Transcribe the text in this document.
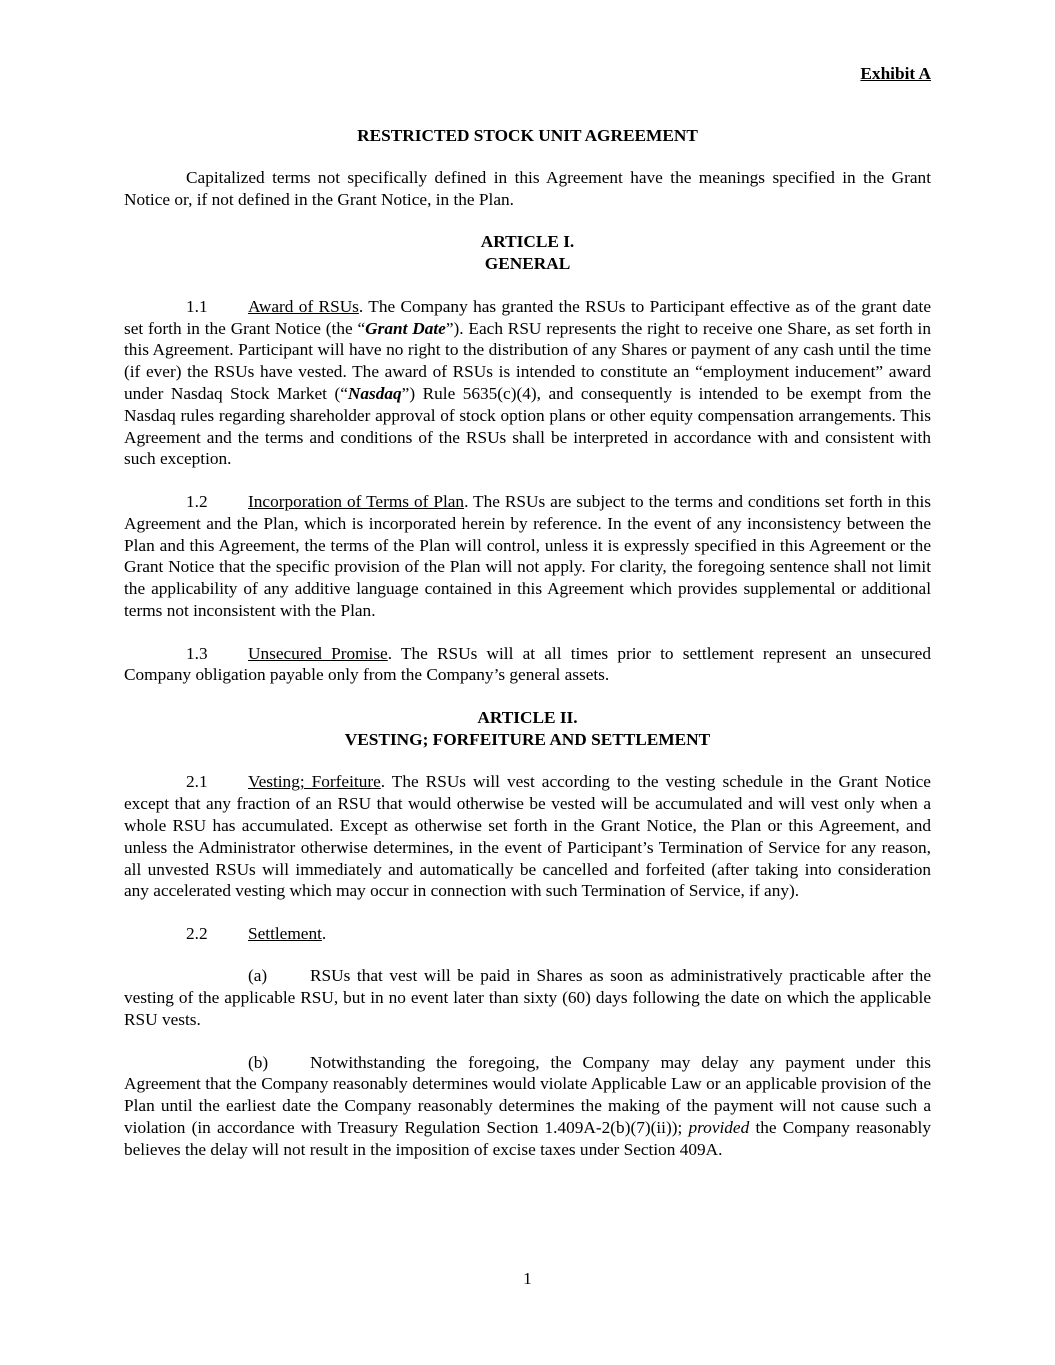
Exhibit A
RESTRICTED STOCK UNIT AGREEMENT

Capitalized terms not specifically defined in this Agreement have the meanings specified in the Grant Notice or, if not defined in the Grant Notice, in the Plan.

ARTICLE I.
GENERAL

1.1 Award of RSUs. The Company has granted the RSUs to Participant effective as of the grant date set forth in the Grant Notice (the “Grant Date”). Each RSU represents the right to receive one Share, as set forth in this Agreement. Participant will have no right to the distribution of any Shares or payment of any cash until the time (if ever) the RSUs have vested. The award of RSUs is intended to constitute an “employment inducement” award under Nasdaq Stock Market (“Nasdaq”) Rule 5635(c)(4), and consequently is intended to be exempt from the Nasdaq rules regarding shareholder approval of stock option plans or other equity compensation arrangements. This Agreement and the terms and conditions of the RSUs shall be interpreted in accordance with and consistent with such exception.

1.2 Incorporation of Terms of Plan. The RSUs are subject to the terms and conditions set forth in this Agreement and the Plan, which is incorporated herein by reference. In the event of any inconsistency between the Plan and this Agreement, the terms of the Plan will control, unless it is expressly specified in this Agreement or the Grant Notice that the specific provision of the Plan will not apply. For clarity, the foregoing sentence shall not limit the applicability of any additive language contained in this Agreement which provides supplemental or additional terms not inconsistent with the Plan.

1.3 Unsecured Promise. The RSUs will at all times prior to settlement represent an unsecured Company obligation payable only from the Company’s general assets.

ARTICLE II.
VESTING; FORFEITURE AND SETTLEMENT

2.1 Vesting; Forfeiture. The RSUs will vest according to the vesting schedule in the Grant Notice except that any fraction of an RSU that would otherwise be vested will be accumulated and will vest only when a whole RSU has accumulated. Except as otherwise set forth in the Grant Notice, the Plan or this Agreement, and unless the Administrator otherwise determines, in the event of Participant’s Termination of Service for any reason, all unvested RSUs will immediately and automatically be cancelled and forfeited (after taking into consideration any accelerated vesting which may occur in connection with such Termination of Service, if any).

2.2 Settlement.

(a) RSUs that vest will be paid in Shares as soon as administratively practicable after the vesting of the applicable RSU, but in no event later than sixty (60) days following the date on which the applicable RSU vests.

(b) Notwithstanding the foregoing, the Company may delay any payment under this Agreement that the Company reasonably determines would violate Applicable Law or an applicable provision of the Plan until the earliest date the Company reasonably determines the making of the payment will not cause such a violation (in accordance with Treasury Regulation Section 1.409A-2(b)(7)(ii)); provided the Company reasonably believes the delay will not result in the imposition of excise taxes under Section 409A.

1
